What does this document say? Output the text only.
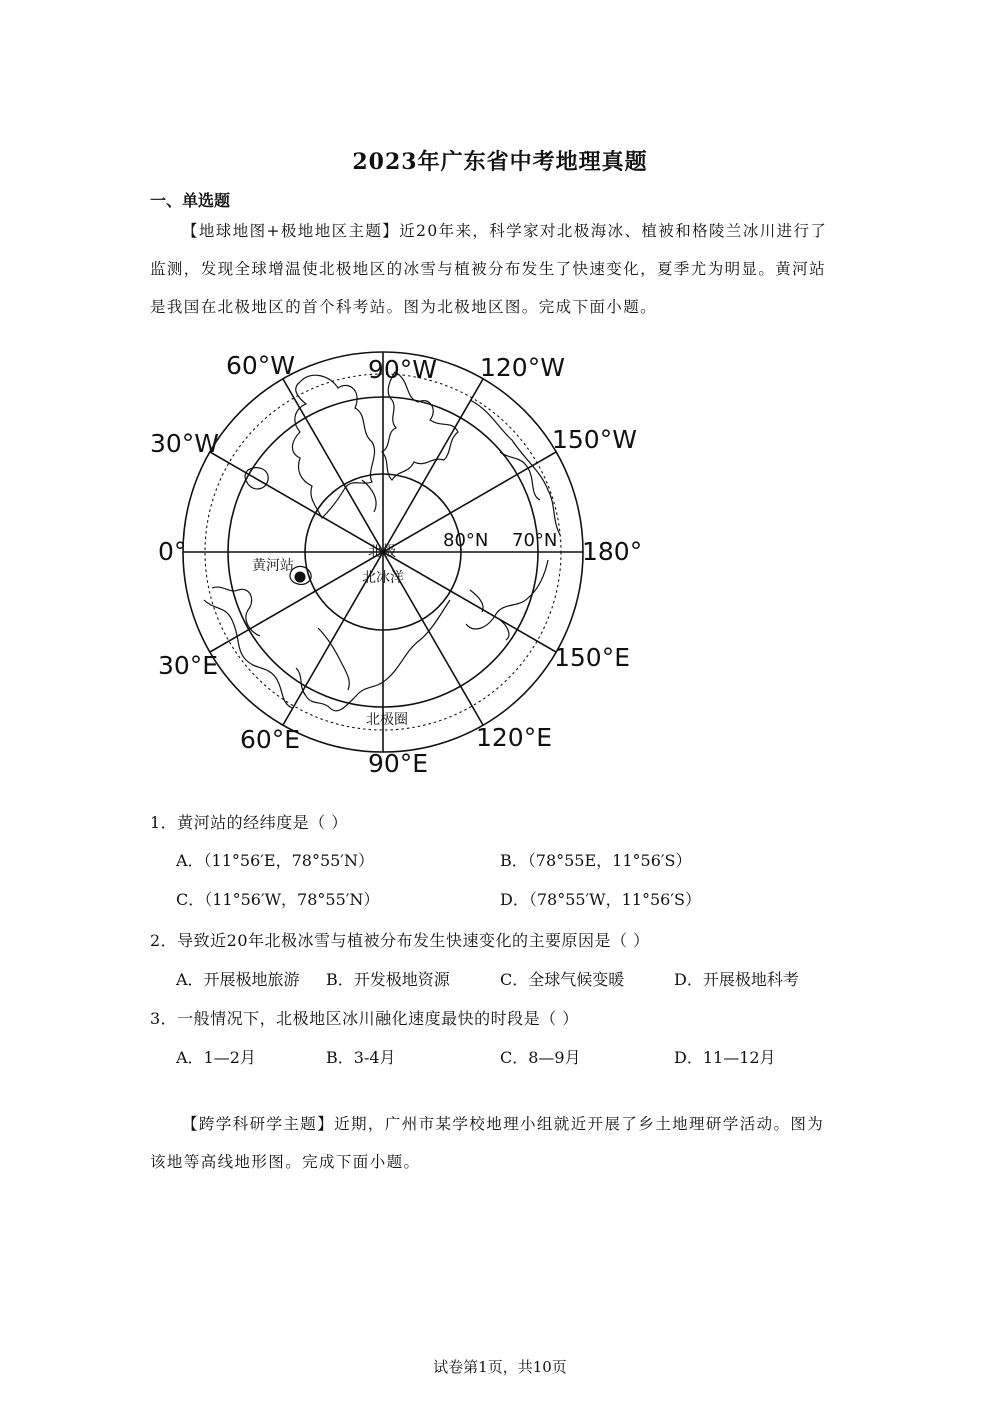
2023年广东省中考地理真题
一、单选题
【地球地图+极地地区主题】近20年来，科学家对北极海冰、植被和格陵兰冰川进行了监测，发现全球增温使北极地区的冰雪与植被分布发生了快速变化，夏季尤为明显。黄河站是我国在北极地区的首个科考站。图为北极地区图。完成下面小题。
90°W 120°W
150°W
180°
150°E
120°E
90°E
60°E
30°E
0°
30°W
60°W
80°N 70°N
北极
北冰洋
黄河站
北极圈
1．黄河站的经纬度是（ ）
A．（11°56′E，78°55′N）	B．（78°55E，11°56′S）
C．（11°56′W，78°55′N）	D．（78°55′W，11°56′S）
2．导致近20年北极冰雪与植被分布发生快速变化的主要原因是（ ）
A．开展极地旅游 B．开发极地资源	C．全球气候变暖	D．开展极地科考
3．一般情况下，北极地区冰川融化速度最快的时段是（ ）
A．1—2月	B．3-4月	C．8—9月	D．11—12月
【跨学科研学主题】近期，广州市某学校地理小组就近开展了乡土地理研学活动。图为该地等高线地形图。完成下面小题。
试卷第1页，共10页
